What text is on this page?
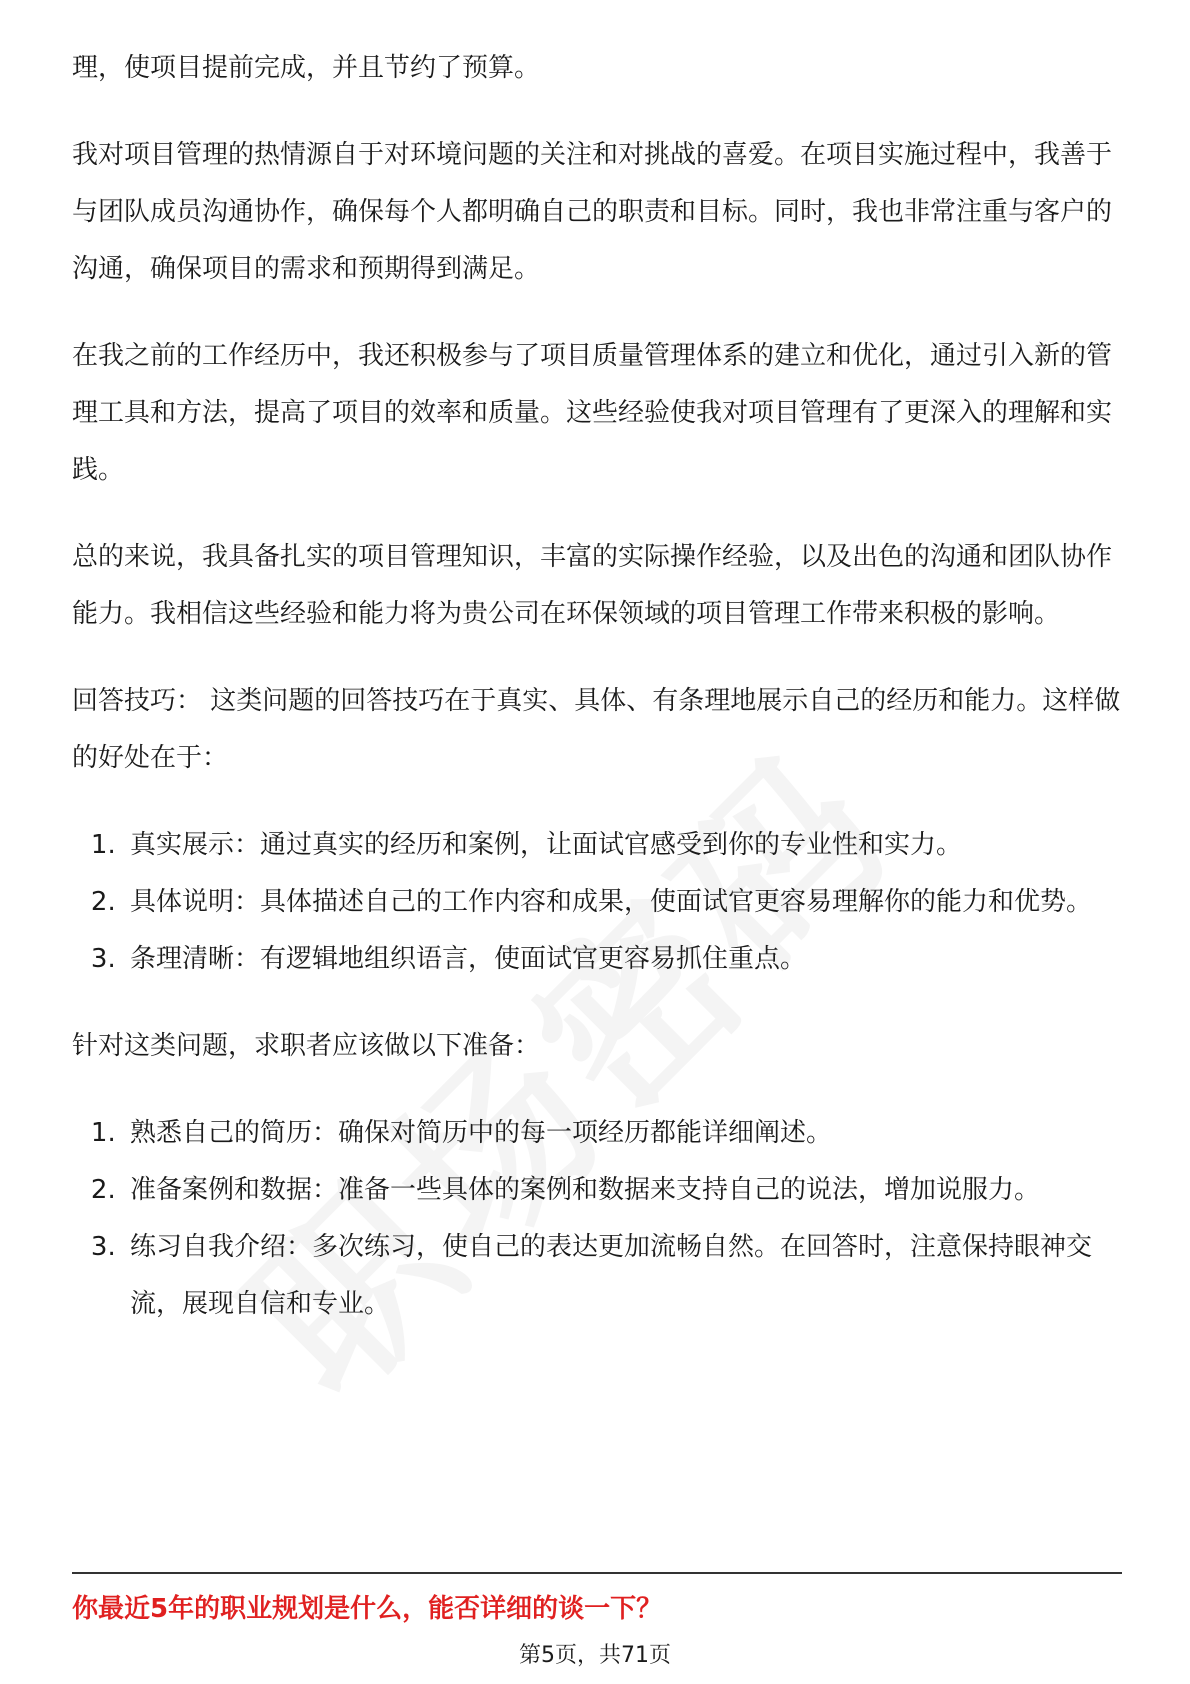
理，使项目提前完成，并且节约了预算。

我对项目管理的热情源自于对环境问题的关注和对挑战的喜爱。在项目实施过程中，我善于与团队成员沟通协作，确保每个人都明确自己的职责和目标。同时，我也非常注重与客户的沟通，确保项目的需求和预期得到满足。

在我之前的工作经历中，我还积极参与了项目质量管理体系的建立和优化，通过引入新的管理工具和方法，提高了项目的效率和质量。这些经验使我对项目管理有了更深入的理解和实践。

总的来说，我具备扎实的项目管理知识，丰富的实际操作经验，以及出色的沟通和团队协作能力。我相信这些经验和能力将为贵公司在环保领域的项目管理工作带来积极的影响。

回答技巧： 这类问题的回答技巧在于真实、具体、有条理地展示自己的经历和能力。这样做的好处在于：

1. 真实展示：通过真实的经历和案例，让面试官感受到你的专业性和实力。
2. 具体说明：具体描述自己的工作内容和成果，使面试官更容易理解你的能力和优势。
3. 条理清晰：有逻辑地组织语言，使面试官更容易抓住重点。

针对这类问题，求职者应该做以下准备：

1. 熟悉自己的简历：确保对简历中的每一项经历都能详细阐述。
2. 准备案例和数据：准备一些具体的案例和数据来支持自己的说法，增加说服力。
3. 练习自我介绍：多次练习，使自己的表达更加流畅自然。在回答时，注意保持眼神交流，展现自信和专业。
你最近5年的职业规划是什么，能否详细的谈一下？
第5页，共71页
